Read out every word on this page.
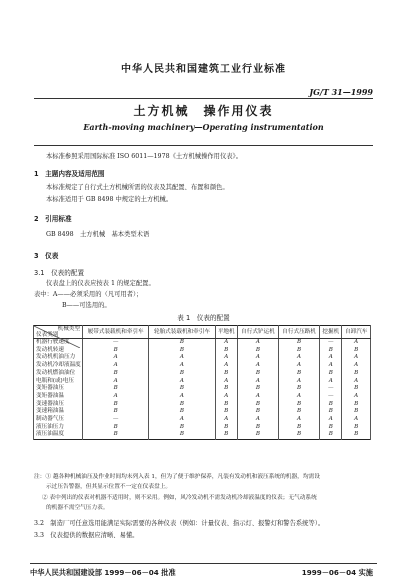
中华人民共和国建筑工业行业标准
JG/T 31—1999
土方机械　操作用仪表
Earth-moving machinery—Operating instrumentation
本标准参照采用国际标准 ISO 6011—1978《土方机械操作用仪表》。
1　主题内容及适用范围
本标准规定了自行式土方机械所需的仪表及其配置、布置和颜色。
本标准适用于 GB 8498 中规定的土方机械。
2　引用标准
GB 8498　土方机械　基本类型术语
3　仪表
3.1　仪表的配置
仪表盘上的仪表应按表 1 的规定配置。
表中：A——必须采用的（凡可用者）；
B——可选用的。
表 1　仪表的配置
机械类型
仪表类别	履带式装载机和牵引车	轮胎式装载机和牵引车	平地机	自行式铲运机	自行式压路机	挖掘机	自卸汽车
机器行驶速度	—	B	A	A	B	—	A
发动机转速	B	B	B	B	B	B	B
发动机机油压力	A	A	A	A	A	A	A
发动机冷却液温度	A	A	A	A	A	A	A
发动机燃油油位	B	B	B	B	B	B	B
电瓶和(或)电压	A	A	A	A	A	A	A
变矩器油压	B	B	B	B	B	—	B
变矩器油温	A	A	A	A	A	—	A
变速器油压	B	B	B	B	B	B	B
变速箱油温	B	B	B	B	B	B	B
制动器气压	—	A	A	A	A	A	A
液压油压力	B	B	B	B	B	B	B
液压油温度	B	B	B	B	B	B	B
注：① 越各种机械油压及作业时间均未列入表 1，但为了便于维护保养，凡装有发动机和液压系统的机器，均需设
示过压告警器，但其显示位置不一定在仪表盘上。
② 表中列出的仪表对机器不适用时，则不采用。例如，风冷发动机不需发动机冷却液温度的仪表；无气动系统
的机器不需空气压力表。
3.2　制造厂可任意选用能满足实际需要的各种仪表（例如：计量仪表、指示灯、报警灯和警告系统等）。
3.3　仪表提供的数据应清晰、易懂。
中华人民共和国建设部 1999－06－04 批准	1999－06－04 实施
